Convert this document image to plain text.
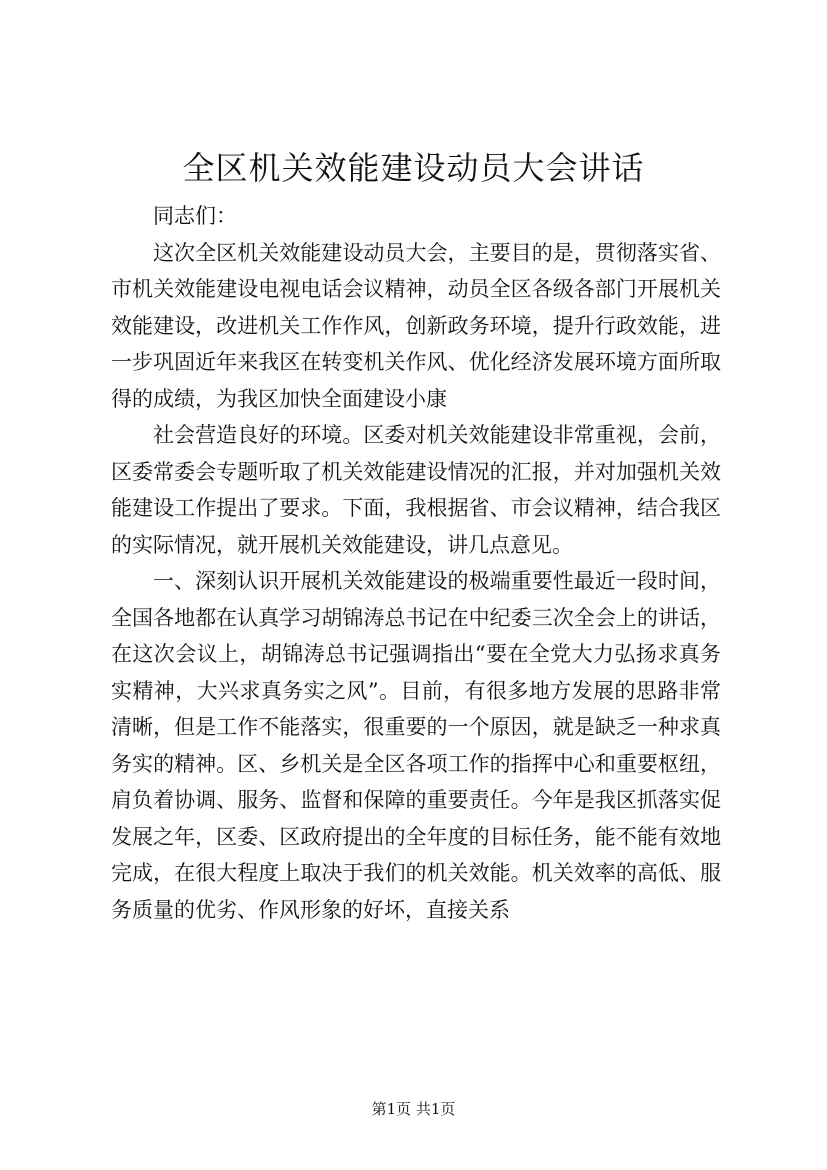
全区机关效能建设动员大会讲话

同志们：

这次全区机关效能建设动员大会，主要目的是，贯彻落实省、市机关效能建设电视电话会议精神，动员全区各级各部门开展机关效能建设，改进机关工作作风，创新政务环境，提升行政效能，进一步巩固近年来我区在转变机关作风、优化经济发展环境方面所取得的成绩，为我区加快全面建设小康

社会营造良好的环境。区委对机关效能建设非常重视，会前，区委常委会专题听取了机关效能建设情况的汇报，并对加强机关效能建设工作提出了要求。下面，我根据省、市会议精神，结合我区的实际情况，就开展机关效能建设，讲几点意见。

一、深刻认识开展机关效能建设的极端重要性最近一段时间，全国各地都在认真学习胡锦涛总书记在中纪委三次全会上的讲话，在这次会议上，胡锦涛总书记强调指出“要在全党大力弘扬求真务实精神，大兴求真务实之风”。目前，有很多地方发展的思路非常清晰，但是工作不能落实，很重要的一个原因，就是缺乏一种求真务实的精神。区、乡机关是全区各项工作的指挥中心和重要枢纽，肩负着协调、服务、监督和保障的重要责任。今年是我区抓落实促发展之年，区委、区政府提出的全年度的目标任务，能不能有效地完成，在很大程度上取决于我们的机关效能。机关效率的高低、服务质量的优劣、作风形象的好坏，直接关系

第1页 共1页
